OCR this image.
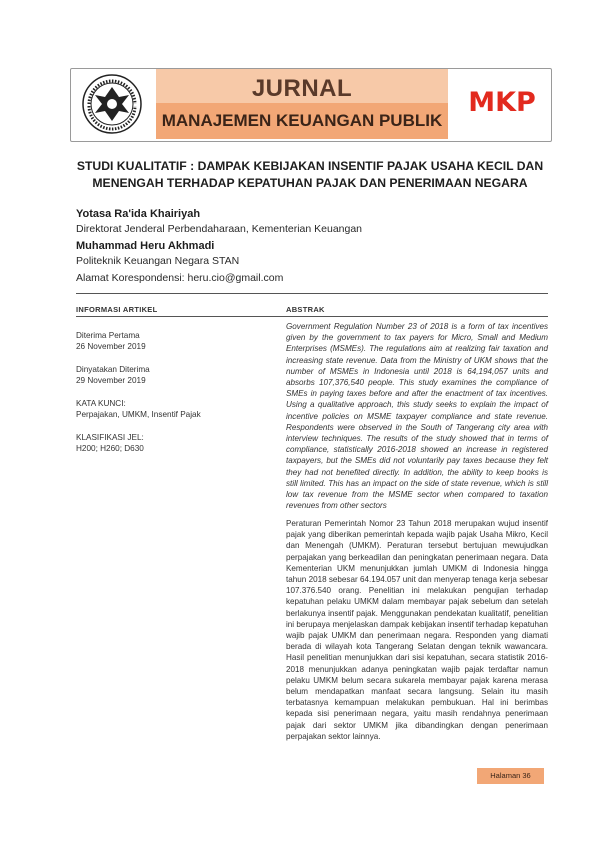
JURNAL
MANAJEMEN KEUANGAN PUBLIK
MKP
STUDI KUALITATIF : DAMPAK KEBIJAKAN INSENTIF PAJAK USAHA KECIL DAN
MENENGAH TERHADAP KEPATUHAN PAJAK DAN PENERIMAAN NEGARA
Yotasa Ra'ida Khairiyah
Direktorat Jenderal Perbendaharaan, Kementerian Keuangan
Muhammad Heru Akhmadi
Politeknik Keuangan Negara STAN
Alamat Korespondensi: heru.cio@gmail.com
INFORMASI ARTIKEL
Diterima Pertama
26 November 2019
Dinyatakan Diterima
29 November 2019
KATA KUNCI:
Perpajakan, UMKM, Insentif Pajak
KLASIFIKASI JEL:
H200; H260; D630
ABSTRAK
Government Regulation Number 23 of 2018 is a form of tax incentives given by the government to tax payers for Micro, Small and Medium Enterprises (MSMEs). The regulations aim at realizing fair taxation and increasing state revenue. Data from the Ministry of UKM shows that the number of MSMEs in Indonesia until 2018 is 64,194,057 units and absorbs 107,376,540 people. This study examines the compliance of SMEs in paying taxes before and after the enactment of tax incentives. Using a qualitative approach, this study seeks to explain the impact of incentive policies on MSME taxpayer compliance and state revenue. Respondents were observed in the South of Tangerang city area with interview techniques. The results of the study showed that in terms of compliance, statistically 2016-2018 showed an increase in registered taxpayers, but the SMEs did not voluntarily pay taxes because they felt they had not benefited directly. In addition, the ability to keep books is still limited. This has an impact on the side of state revenue, which is still low tax revenue from the MSME sector when compared to taxation revenues from other sectors
Peraturan Pemerintah Nomor 23 Tahun 2018 merupakan wujud insentif pajak yang diberikan pemerintah kepada wajib pajak Usaha Mikro, Kecil dan Menengah (UMKM). Peraturan tersebut bertujuan mewujudkan perpajakan yang berkeadilan dan peningkatan penerimaan negara. Data Kementerian UKM menunjukkan jumlah UMKM di Indonesia hingga tahun 2018 sebesar 64.194.057 unit dan menyerap tenaga kerja sebesar 107.376.540 orang. Penelitian ini melakukan pengujian terhadap kepatuhan pelaku UMKM dalam membayar pajak sebelum dan setelah berlakunya insentif pajak. Menggunakan pendekatan kualitatif, penelitian ini berupaya menjelaskan dampak kebijakan insentif terhadap kepatuhan wajib pajak UMKM dan penerimaan negara. Responden yang diamati berada di wilayah kota Tangerang Selatan dengan teknik wawancara. Hasil penelitian menunjukkan dari sisi kepatuhan, secara statistik 2016-2018 menunjukkan adanya peningkatan wajib pajak terdaftar namun pelaku UMKM belum secara sukarela membayar pajak karena merasa belum mendapatkan manfaat secara langsung. Selain itu masih terbatasnya kemampuan melakukan pembukuan. Hal ini berimbas kepada sisi penerimaan negara, yaitu masih rendahnya penerimaan pajak dari sektor UMKM jika dibandingkan dengan penerimaan perpajakan sektor lainnya.
Halaman 36
